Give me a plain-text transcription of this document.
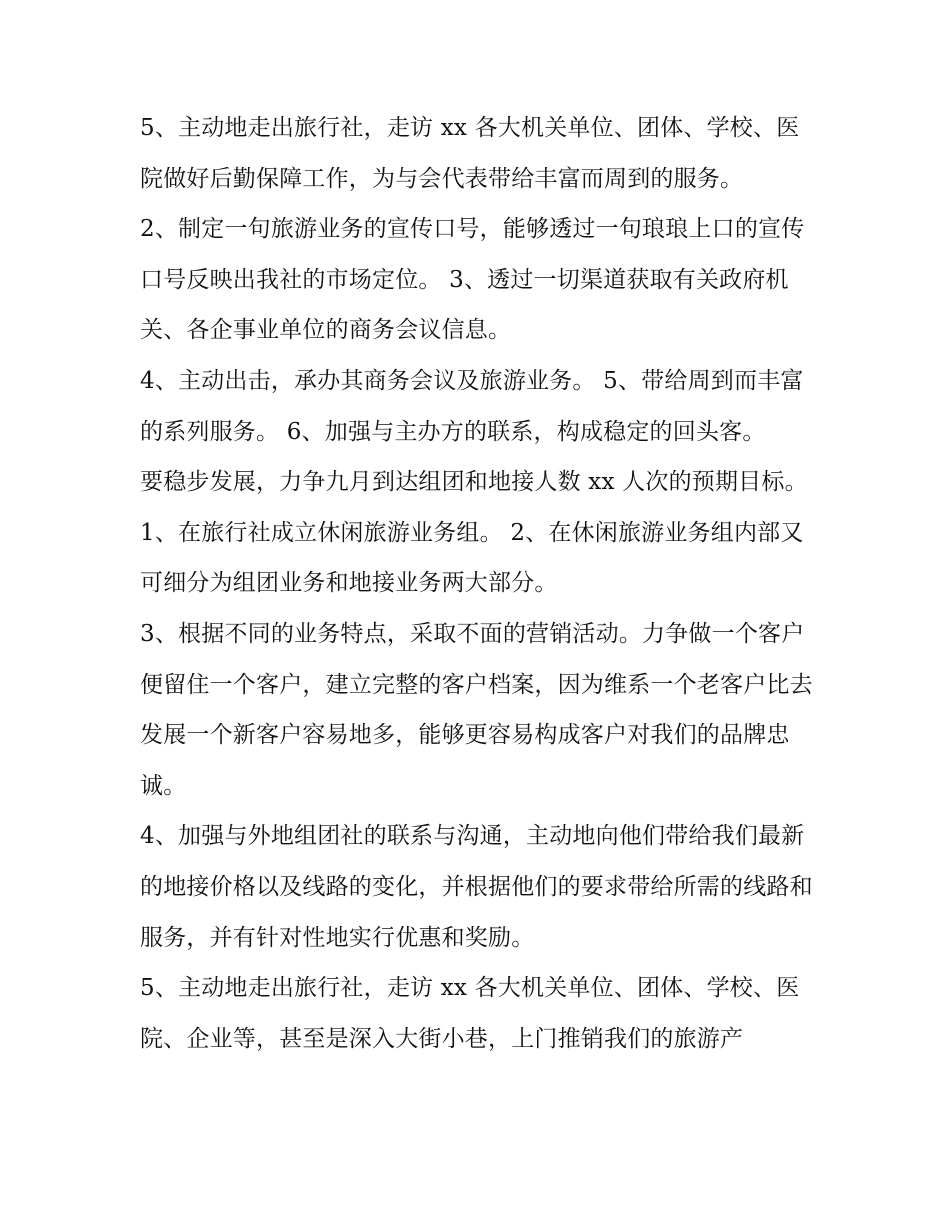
5、主动地走出旅行社，走访 xx 各大机关单位、团体、学校、医院做好后勤保障工作，为与会代表带给丰富而周到的服务。

2、制定一句旅游业务的宣传口号，能够透过一句琅琅上口的宣传口号反映出我社的市场定位。 3、透过一切渠道获取有关政府机关、各企事业单位的商务会议信息。

4、主动出击，承办其商务会议及旅游业务。 5、带给周到而丰富的系列服务。 6、加强与主办方的联系，构成稳定的回头客。

要稳步发展，力争九月到达组团和地接人数 xx 人次的预期目标。 1、在旅行社成立休闲旅游业务组。 2、在休闲旅游业务组内部又可细分为组团业务和地接业务两大部分。

3、根据不同的业务特点，采取不面的营销活动。力争做一个客户便留住一个客户，建立完整的客户档案，因为维系一个老客户比去发展一个新客户容易地多，能够更容易构成客户对我们的品牌忠诚。

4、加强与外地组团社的联系与沟通，主动地向他们带给我们最新的地接价格以及线路的变化，并根据他们的要求带给所需的线路和服务，并有针对性地实行优惠和奖励。

5、主动地走出旅行社，走访 xx 各大机关单位、团体、学校、医院、企业等，甚至是深入大街小巷，上门推销我们的旅游产
